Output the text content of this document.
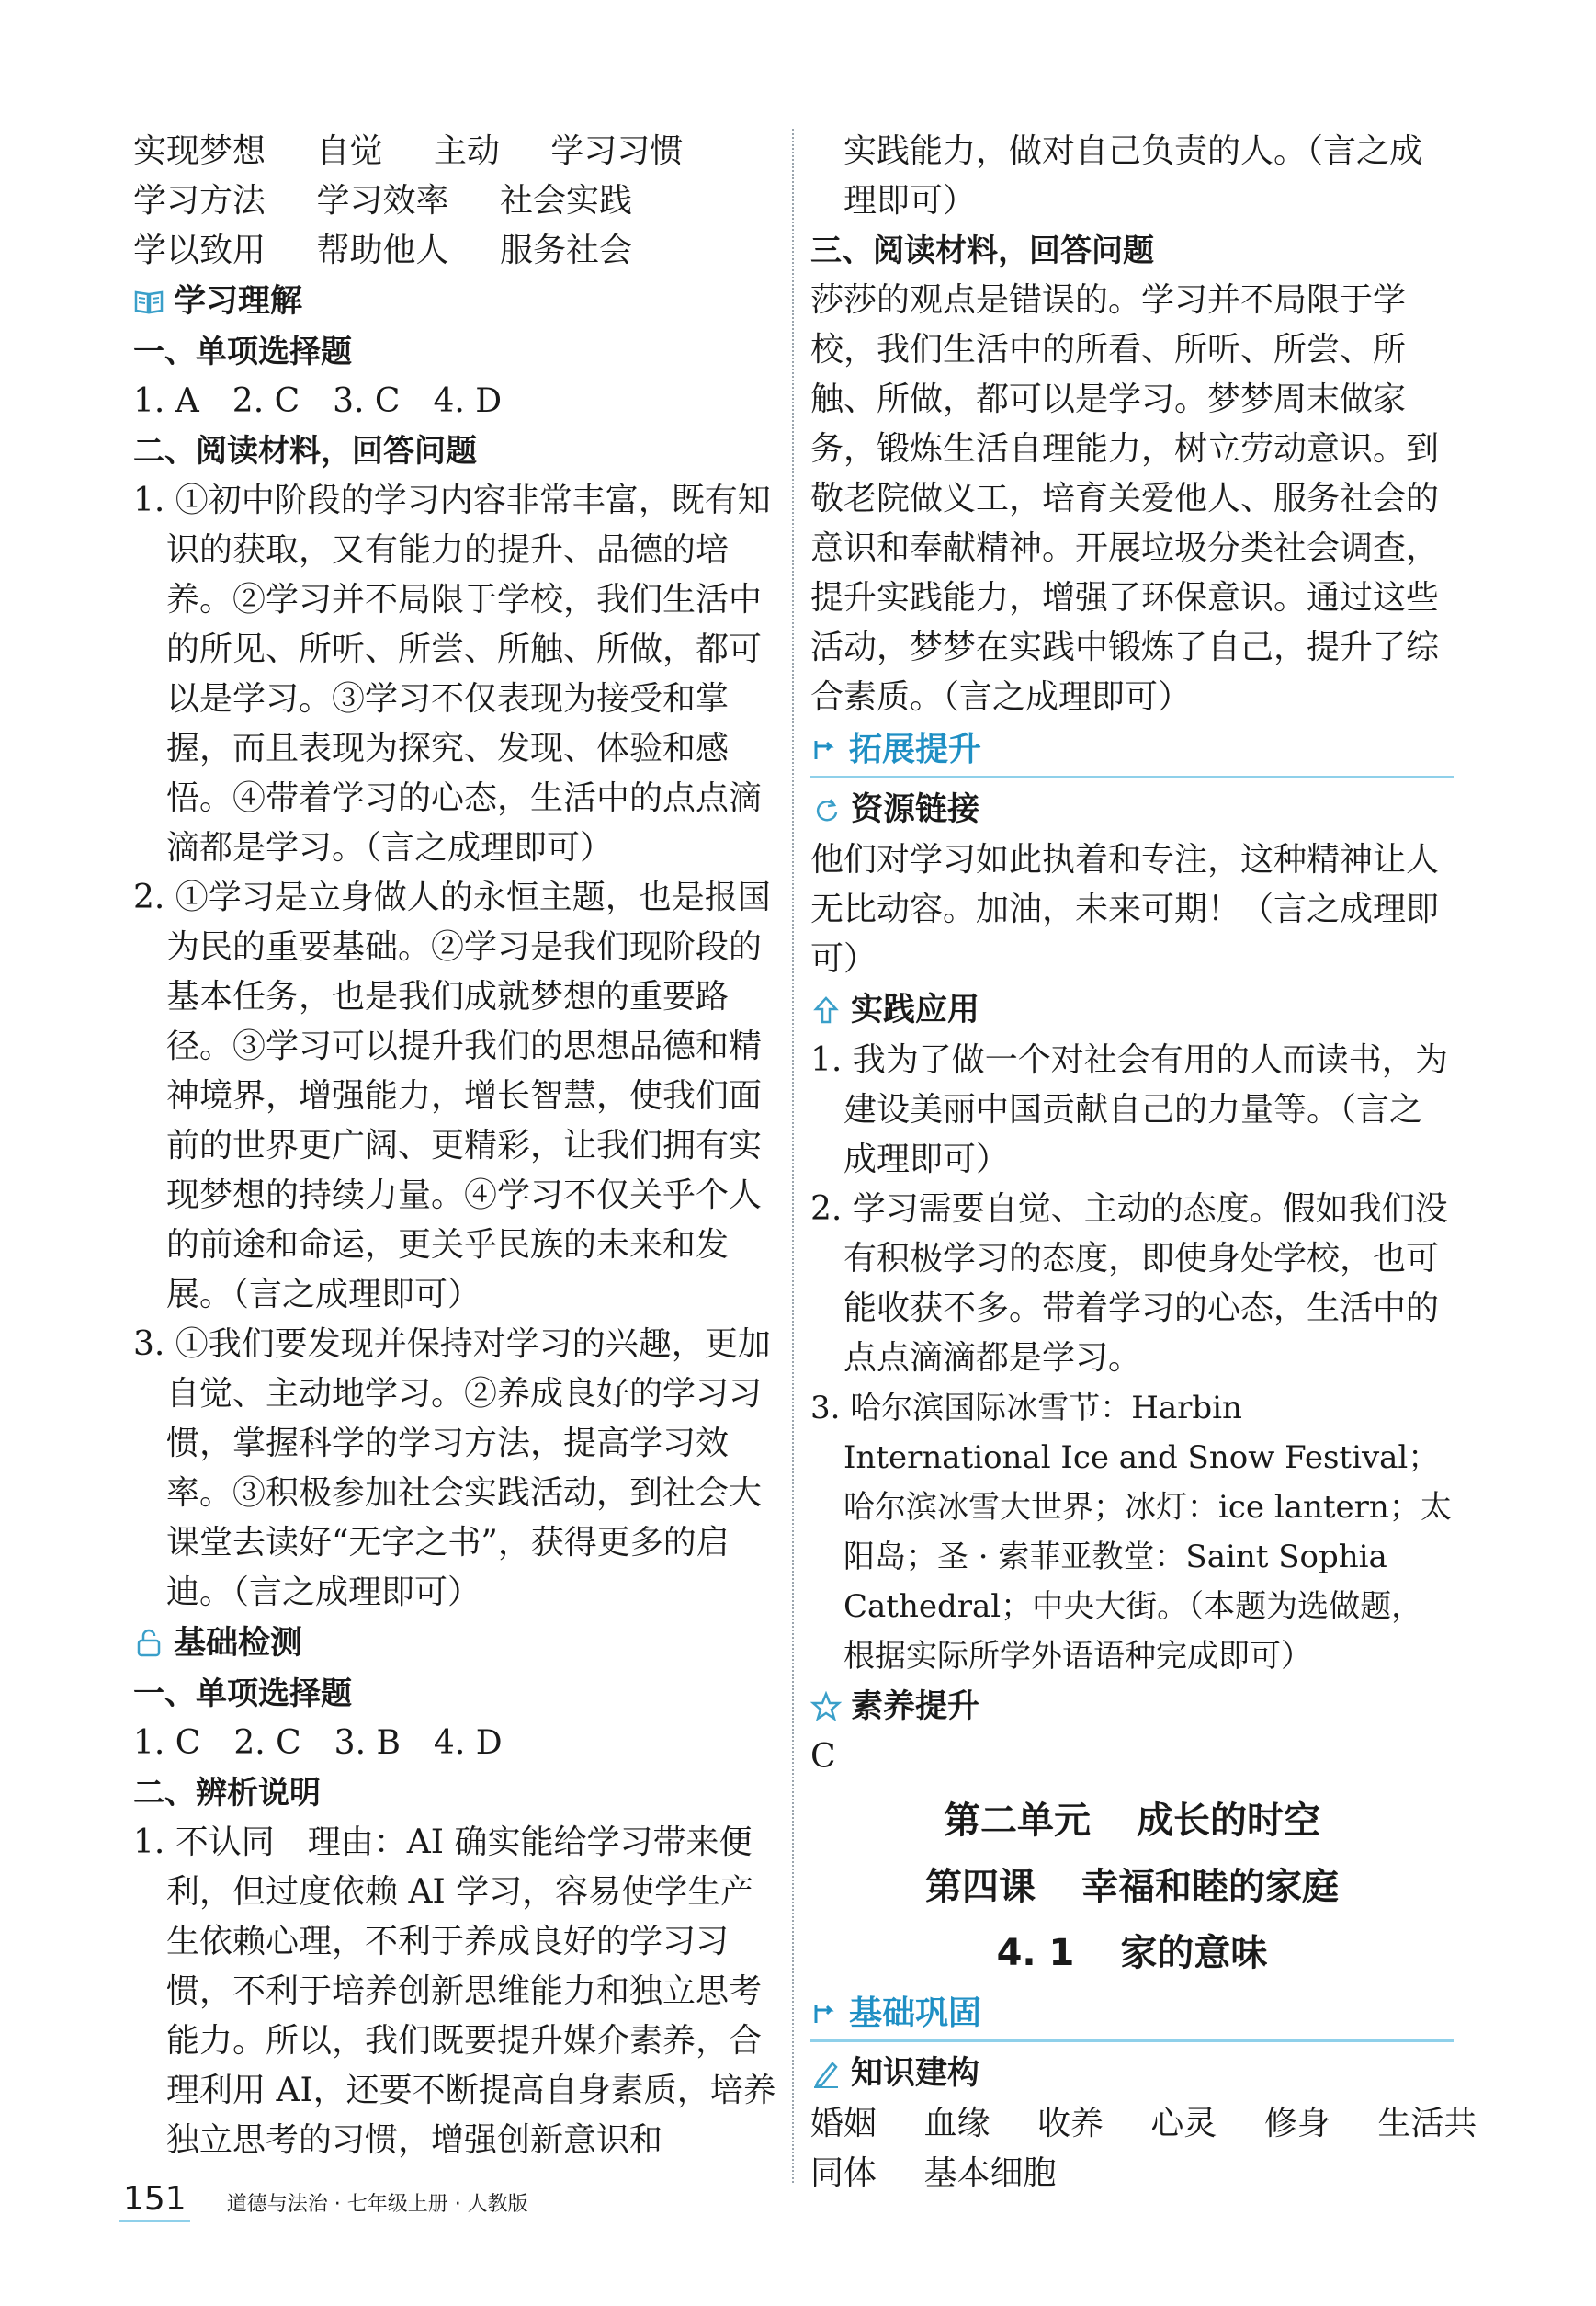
实现梦想 自觉 主动 学习习惯
学习方法 学习效率 社会实践
学以致用 帮助他人 服务社会
学习理解
一、单项选择题
1. A　2. C　3. C　4. D
二、阅读材料，回答问题
1. ①初中阶段的学习内容非常丰富，既有知识的获取，又有能力的提升、品德的培养。②学习并不局限于学校，我们生活中的所见、所听、所尝、所触、所做，都可以是学习。③学习不仅表现为接受和掌握，而且表现为探究、发现、体验和感悟。④带着学习的心态，生活中的点点滴滴都是学习。（言之成理即可）
2. ①学习是立身做人的永恒主题，也是报国为民的重要基础。②学习是我们现阶段的基本任务，也是我们成就梦想的重要路径。③学习可以提升我们的思想品德和精神境界，增强能力，增长智慧，使我们面前的世界更广阔、更精彩，让我们拥有实现梦想的持续力量。④学习不仅关乎个人的前途和命运，更关乎民族的未来和发展。（言之成理即可）
3. ①我们要发现并保持对学习的兴趣，更加自觉、主动地学习。②养成良好的学习习惯，掌握科学的学习方法，提高学习效率。③积极参加社会实践活动，到社会大课堂去读好“无字之书”，获得更多的启迪。（言之成理即可）
基础检测
一、单项选择题
1. C　2. C　3. B　4. D
二、辨析说明
1. 不认同　理由：AI 确实能给学习带来便利，但过度依赖 AI 学习，容易使学生产生依赖心理，不利于养成良好的学习习惯，不利于培养创新思维能力和独立思考能力。所以，我们既要提升媒介素养，合理利用 AI，还要不断提高自身素质，培养独立思考的习惯，增强创新意识和
实践能力，做对自己负责的人。（言之成理即可）
三、阅读材料，回答问题
莎莎的观点是错误的。学习并不局限于学校，我们生活中的所看、所听、所尝、所触、所做，都可以是学习。梦梦周末做家务，锻炼生活自理能力，树立劳动意识。到敬老院做义工，培育关爱他人、服务社会的意识和奉献精神。开展垃圾分类社会调查，提升实践能力，增强了环保意识。通过这些活动，梦梦在实践中锻炼了自己，提升了综合素质。（言之成理即可）
拓展提升
资源链接
他们对学习如此执着和专注，这种精神让人无比动容。加油，未来可期！（言之成理即可）
实践应用
1. 我为了做一个对社会有用的人而读书，为建设美丽中国贡献自己的力量等。（言之成理即可）
2. 学习需要自觉、主动的态度。假如我们没有积极学习的态度，即使身处学校，也可能收获不多。带着学习的心态，生活中的点点滴滴都是学习。
3. 哈尔滨国际冰雪节：Harbin International Ice and Snow Festival；哈尔滨冰雪大世界；冰灯：ice lantern；太阳岛；圣 · 索菲亚教堂：Saint Sophia Cathedral；中央大街。（本题为选做题，根据实际所学外语语种完成即可）
素养提升
C
第二单元 成长的时空
第四课 幸福和睦的家庭
4. 1 家的意味
基础巩固
知识建构
婚姻 血缘 收养 心灵 修身 生活共
同体 基本细胞
151 道德与法治 · 七年级上册 · 人教版
